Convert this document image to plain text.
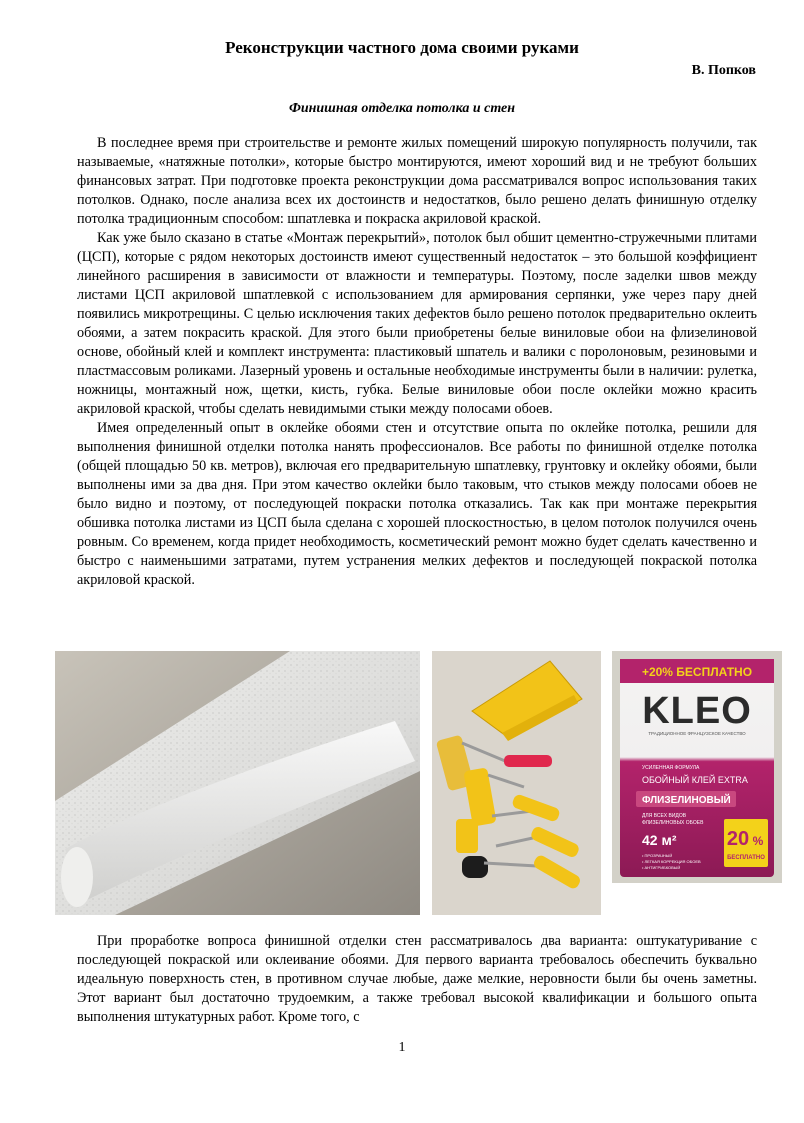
Реконструкции частного дома своими руками
В. Попков
Финишная отделка потолка и стен

В последнее время при строительстве и ремонте жилых помещений широкую популярность получили, так называемые, «натяжные потолки», которые быстро монтируются, имеют хороший вид и не требуют больших финансовых затрат. При подготовке проекта реконструкции дома рассматривался вопрос использования таких потолков. Однако, после анализа всех их достоинств и недостатков, было решено делать финишную отделку потолка традиционным способом: шпатлевка и покраска акриловой краской.

Как уже было сказано в статье «Монтаж перекрытий», потолок был обшит цементно-стружечными плитами (ЦСП), которые с рядом некоторых достоинств имеют существенный недостаток – это большой коэффициент линейного расширения в зависимости от влажности и температуры. Поэтому, после заделки швов между листами ЦСП акриловой шпатлевкой с использованием для армирования серпянки, уже через пару дней появились микротрещины. С целью исключения таких дефектов было решено потолок предварительно оклеить обоями, а затем покрасить краской. Для этого были приобретены белые виниловые обои на флизелиновой основе, обойный клей и комплект инструмента: пластиковый шпатель и валики с поролоновым, резиновыми и пластмассовым роликами. Лазерный уровень и остальные необходимые инструменты были в наличии: рулетка, ножницы, монтажный нож, щетки, кисть, губка. Белые виниловые обои после оклейки можно красить акриловой краской, чтобы сделать невидимыми стыки между полосами обоев.

Имея определенный опыт в оклейке обоями стен и отсутствие опыта по оклейке потолка, решили для выполнения финишной отделки потолка нанять профессионалов. Все работы по финишной отделке потолка (общей площадью 50 кв. метров), включая его предварительную шпатлевку, грунтовку и оклейку обоями, были выполнены ими за два дня. При этом качество оклейки было таковым, что стыков между полосами обоев не было видно и поэтому, от последующей покраски потолка отказались. Так как при монтаже перекрытия обшивка потолка листами из ЦСП была сделана с хорошей плоскостностью, в целом потолок получился очень ровным. Со временем, когда придет необходимость, косметический ремонт можно будет сделать качественно и быстро с наименьшими затратами, путем устранения мелких дефектов и последующей покраской потолка акриловой краской.

+20% БЕСПЛАТНО
KLEO
ТРАДИЦИОННОЕ ФРАНЦУЗСКОЕ КАЧЕСТВО
УСИЛЕННАЯ ФОРМУЛА
ОБОЙНЫЙ КЛЕЙ EXTRA
ФЛИЗЕЛИНОВЫЙ
ДЛЯ ВСЕХ ВИДОВ
ФЛИЗЕЛИНОВЫХ ОБОЕВ
42 м²
• ПРОЗРАЧНЫЙ
• ЛЕГКАЯ КОРРЕКЦИЯ ОБОЕВ
• АНТИГРИБКОВЫЙ
20 %
БЕСПЛАТНО

При проработке вопроса финишной отделки стен рассматривалось два варианта: оштукатуривание с последующей покраской или оклеивание обоями. Для первого варианта требовалось обеспечить буквально идеальную поверхность стен, в противном случае любые, даже мелкие, неровности были бы очень заметны. Этот вариант был достаточно трудоемким, а также требовал высокой квалификации и большого опыта выполнения штукатурных работ. Кроме того, с

1
